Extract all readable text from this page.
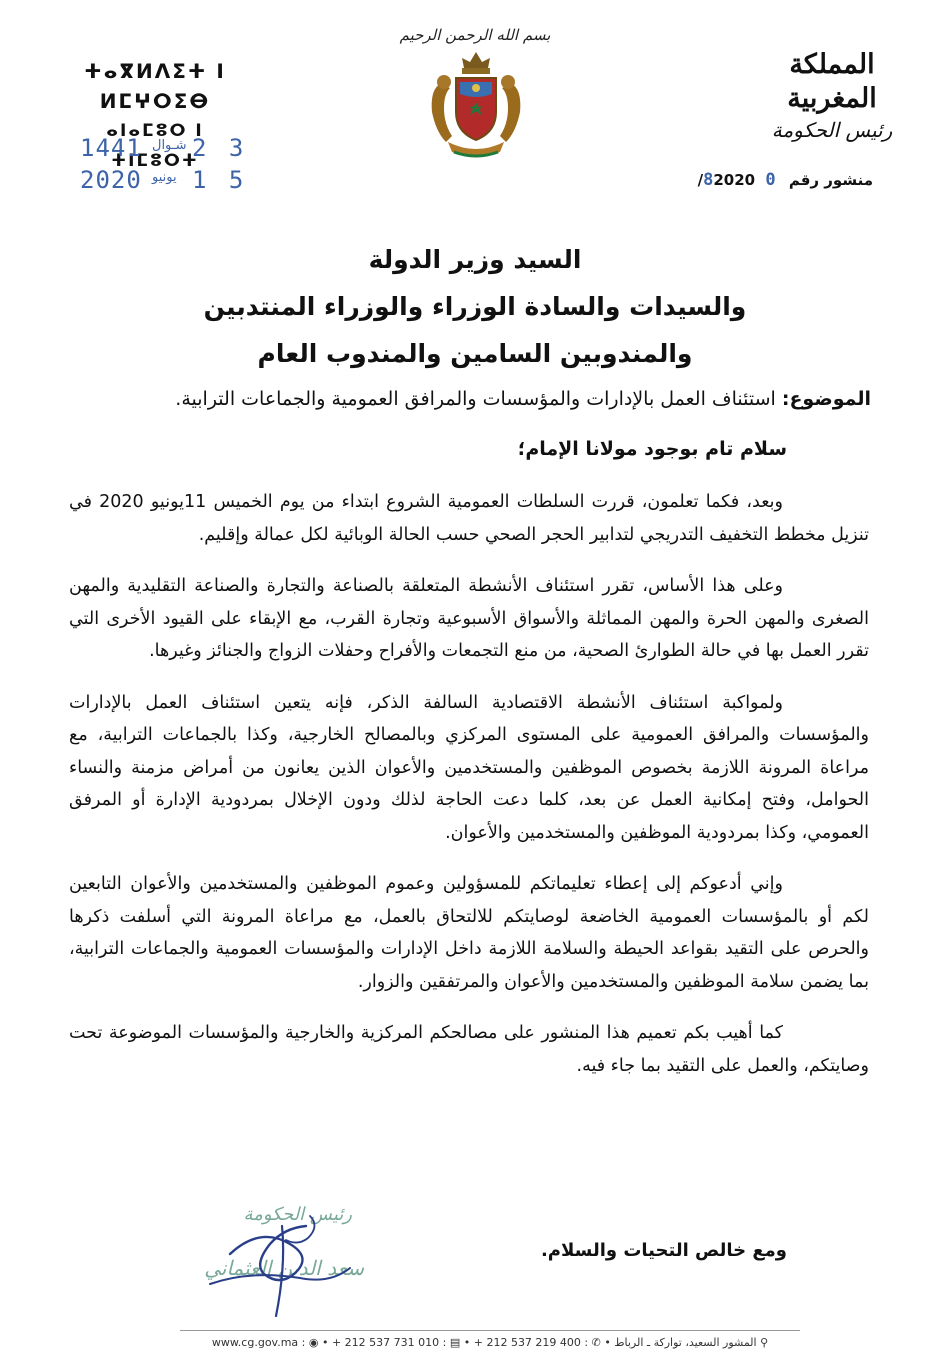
بسم الله الرحمن الرحيم
المملكة المغربية
رئيس الحكومة
ⵜⴰⴳⵍⴷⵉⵜ ⵏ ⵍⵎⵖⵔⵉⴱ
ⴰⵏⴰⵎⵓⵔ ⵏ ⵜⵏⵎⵓⵔⵜ
1441 شـوال 2 3
2020 يونيو 1 5	منشور رقم 0 82020/
السيد وزير الدولة
والسيدات والسادة الوزراء والوزراء المنتدبين
والمندوبين السامين والمندوب العام
الموضوع: استئناف العمل بالإدارات والمؤسسات والمرافق العمومية والجماعات الترابية.
سلام تام بوجود مولانا الإمام؛

وبعد، فكما تعلمون، قررت السلطات العمومية الشروع ابتداء من يوم الخميس 11يونيو 2020 في تنزيل مخطط التخفيف التدريجي لتدابير الحجر الصحي حسب الحالة الوبائية لكل عمالة وإقليم.

وعلى هذا الأساس، تقرر استئناف الأنشطة المتعلقة بالصناعة والتجارة والصناعة التقليدية والمهن الصغرى والمهن الحرة والمهن المماثلة والأسواق الأسبوعية وتجارة القرب، مع الإبقاء على القيود الأخرى التي تقرر العمل بها في حالة الطوارئ الصحية، من منع التجمعات والأفراح وحفلات الزواج والجنائز وغيرها.

ولمواكبة استئناف الأنشطة الاقتصادية السالفة الذكر، فإنه يتعين استئناف العمل بالإدارات والمؤسسات والمرافق العمومية على المستوى المركزي وبالمصالح الخارجية، وكذا بالجماعات الترابية، مع مراعاة المرونة اللازمة بخصوص الموظفين والمستخدمين والأعوان الذين يعانون من أمراض مزمنة والنساء الحوامل، وفتح إمكانية العمل عن بعد، كلما دعت الحاجة لذلك ودون الإخلال بمردودية الإدارة أو المرفق العمومي، وكذا بمردودية الموظفين والمستخدمين والأعوان.

وإني أدعوكم إلى إعطاء تعليماتكم للمسؤولين وعموم الموظفين والمستخدمين والأعوان التابعين لكم أو بالمؤسسات العمومية الخاضعة لوصايتكم للالتحاق بالعمل، مع مراعاة المرونة التي أسلفت ذكرها والحرص على التقيد بقواعد الحيطة والسلامة اللازمة داخل الإدارات والمؤسسات العمومية والجماعات الترابية، بما يضمن سلامة الموظفين والمستخدمين والأعوان والمرتفقين والزوار.

كما أهيب بكم تعميم هذا المنشور على مصالحكم المركزية والخارجية والمؤسسات الموضوعة تحت وصايتكم، والعمل على التقيد بما جاء فيه.

ومع خالص التحيات والسلام.
رئيس الحكومة
سعد الدين العثماني
www.cg.gov.ma : ◉ • + 212 537 731 010 : ▤ • + 212 537 219 400 : ✆ • المشور السعيد، تواركة ـ الرباط ⚲
